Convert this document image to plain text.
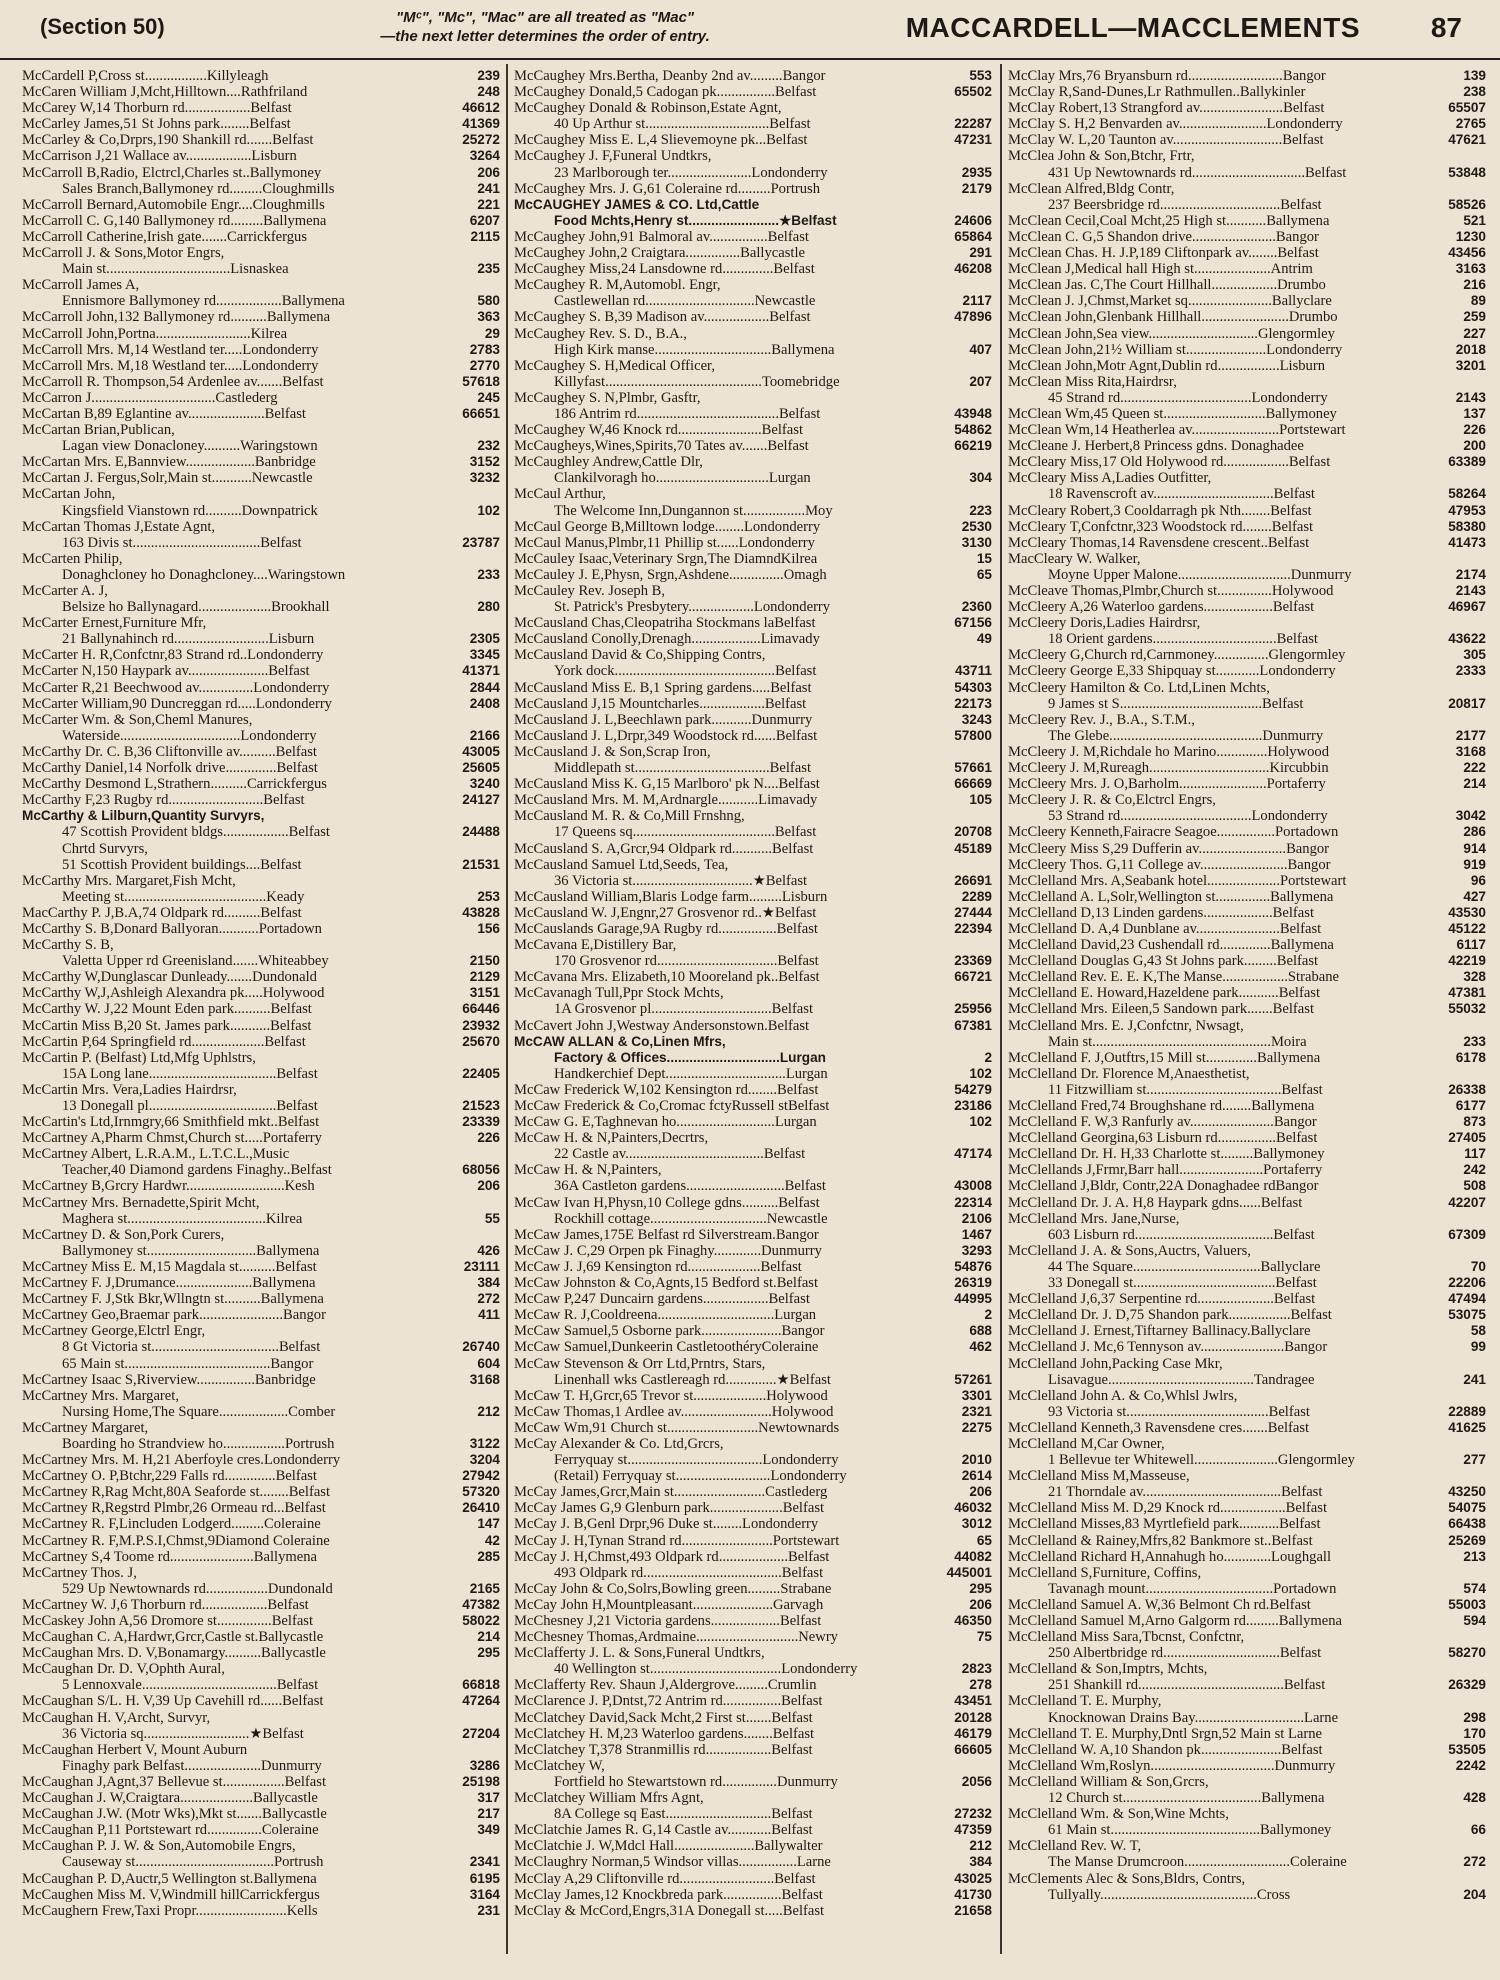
(Section 50)	"Mᶜ", "Mc", "Mac" are all treated as "Mac"
—the next letter determines the order of entry.	MACCARDELL—MACCLEMENTS	87
McCardell P,Cross st.................Killyleagh	239
McCaren William J,Mcht,Hilltown....Rathfriland	248
McCarey W,14 Thorburn rd..................Belfast	46612
McCarley James,51 St Johns park........Belfast	41369
McCarley & Co,Drprs,190 Shankill rd.......Belfast	25272
McCarrison J,21 Wallace av..................Lisburn	3264
McCarroll B,Radio, Elctrcl,Charles st..Ballymoney	206
Sales Branch,Ballymoney rd.........Cloughmills	241
McCarroll Bernard,Automobile Engr....Cloughmills	221
McCarroll C. G,140 Ballymoney rd.........Ballymena	6207
McCarroll Catherine,Irish gate.......Carrickfergus	2115
McCarroll J. & Sons,Motor Engrs,
Main st..................................Lisnaskea	235
McCarroll James A,
Ennismore Ballymoney rd..................Ballymena	580
McCarroll John,132 Ballymoney rd..........Ballymena	363
McCarroll John,Portna..........................Kilrea	29
McCarroll Mrs. M,14 Westland ter.....Londonderry	2783
McCarroll Mrs. M,18 Westland ter.....Londonderry	2770
McCarroll R. Thompson,54 Ardenlee av.......Belfast	57618
McCarron J..................................Castlederg	245
McCartan B,89 Eglantine av.....................Belfast	66651
McCartan Brian,Publican,
Lagan view Donacloney..........Waringstown	232
McCartan Mrs. E,Bannview...................Banbridge	3152
McCartan J. Fergus,Solr,Main st...........Newcastle	3232
McCartan John,
Kingsfield Vianstown rd..........Downpatrick	102
McCartan Thomas J,Estate Agnt,
163 Divis st...................................Belfast	23787
McCarten Philip,
Donaghcloney ho Donaghcloney....Waringstown	233
McCarter A. J,
Belsize ho Ballynagard....................Brookhall	280
McCarter Ernest,Furniture Mfr,
21 Ballynahinch rd..........................Lisburn	2305
McCarter H. R,Confctnr,83 Strand rd..Londonderry	3345
McCarter N,150 Haypark av......................Belfast	41371
McCarter R,21 Beechwood av...............Londonderry	2844
McCarter William,90 Duncreggan rd.....Londonderry	2408
McCarter Wm. & Son,Cheml Manures,
Waterside.................................Londonderry	2166
McCarthy Dr. C. B,36 Cliftonville av..........Belfast	43005
McCarthy Daniel,14 Norfolk drive..............Belfast	25605
McCarthy Desmond L,Strathern..........Carrickfergus	3240
McCarthy F,23 Rugby rd..........................Belfast	24127
McCarthy & Lilburn,Quantity Survyrs,
47 Scottish Provident bldgs..................Belfast	24488
Chrtd Survyrs,
51 Scottish Provident buildings....Belfast	21531
McCarthy Mrs. Margaret,Fish Mcht,
Meeting st.......................................Keady	253
MacCarthy P. J,B.A,74 Oldpark rd..........Belfast	43828
McCarthy S. B,Donard Ballyoran...........Portadown	156
McCarthy S. B,
Valetta Upper rd Greenisland.......Whiteabbey	2150
McCarthy W,Dunglascar Dunleady.......Dundonald	2129
McCarthy W,J,Ashleigh Alexandra pk.....Holywood	3151
McCarthy W. J,22 Mount Eden park..........Belfast	66446
McCartin Miss B,20 St. James park...........Belfast	23932
McCartin P,64 Springfield rd....................Belfast	25670
McCartin P. (Belfast) Ltd,Mfg Uphlstrs,
15A Long lane...................................Belfast	22405
McCartin Mrs. Vera,Ladies Hairdrsr,
13 Donegall pl...................................Belfast	21523
McCartin's Ltd,Irnmgry,66 Smithfield mkt..Belfast	23339
McCartney A,Pharm Chmst,Church st.....Portaferry	226
McCartney Albert, L.R.A.M., L.T.C.L.,Music
Teacher,40 Diamond gardens Finaghy..Belfast	68056
McCartney B,Grcry Hardwr...........................Kesh	206
McCartney Mrs. Bernadette,Spirit Mcht,
Maghera st......................................Kilrea	55
McCartney D. & Son,Pork Curers,
Ballymoney st..............................Ballymena	426
McCartney Miss E. M,15 Magdala st..........Belfast	23111
McCartney F. J,Drumance.....................Ballymena	384
McCartney F. J,Stk Bkr,Wllngtn st..........Ballymena	272
McCartney Geo,Braemar park.......................Bangor	411
McCartney George,Elctrl Engr,
8 Gt Victoria st...................................Belfast	26740
65 Main st........................................Bangor	604
McCartney Isaac S,Riverview................Banbridge	3168
McCartney Mrs. Margaret,
Nursing Home,The Square...................Comber	212
McCartney Margaret,
Boarding ho Strandview ho.................Portrush	3122
McCartney Mrs. M. H,21 Aberfoyle cres.Londonderry	3204
McCartney O. P,Btchr,229 Falls rd..............Belfast	27942
McCartney R,Rag Mcht,80A Seaforde st........Belfast	57320
McCartney R,Regstrd Plmbr,26 Ormeau rd...Belfast	26410
McCartney R. F,Lincluden Lodgerd.........Coleraine	147
McCartney R. F,M.P.S.I,Chmst,9Diamond Coleraine	42
McCartney S,4 Toome rd.......................Ballymena	285
McCartney Thos. J,
529 Up Newtownards rd.................Dundonald	2165
McCartney W. J,6 Thorburn rd..................Belfast	47382
McCaskey John A,56 Dromore st...............Belfast	58022
McCaughan C. A,Hardwr,Grcr,Castle st.Ballycastle	214
McCaughan Mrs. D. V,Bonamargy..........Ballycastle	295
McCaughan Dr. D. V,Ophth Aural,
5 Lennoxvale.....................................Belfast	66818
McCaughan S/L. H. V,39 Up Cavehill rd......Belfast	47264
McCaughan H. V,Archt, Survyr,
36 Victoria sq.............................★Belfast	27204
McCaughan Herbert V, Mount Auburn
Finaghy park Belfast.....................Dunmurry	3286
McCaughan J,Agnt,37 Bellevue st.................Belfast	25198
McCaughan J. W,Craigtara....................Ballycastle	317
McCaughan J.W. (Motr Wks),Mkt st.......Ballycastle	217
McCaughan P,11 Portstewart rd...............Coleraine	349
McCaughan P. J. W. & Son,Automobile Engrs,
Causeway st......................................Portrush	2341
McCaughan P. D,Auctr,5 Wellington st.Ballymena	6195
McCaughen Miss M. V,Windmill hillCarrickfergus	3164
McCaughern Frew,Taxi Propr.........................Kells	231
McCaughey Mrs.Bertha, Deanby 2nd av.........Bangor	553
McCaughey Donald,5 Cadogan pk................Belfast	65502
McCaughey Donald & Robinson,Estate Agnt,
40 Up Arthur st..................................Belfast	22287
McCaughey Miss E. L,4 Slievemoyne pk...Belfast	47231
McCaughey J. F,Funeral Undtkrs,
23 Marlborough ter.......................Londonderry	2935
McCaughey Mrs. J. G,61 Coleraine rd.........Portrush	2179
McCAUGHEY JAMES & CO. Ltd,Cattle
Food Mchts,Henry st........................★Belfast	24606
McCaughey John,91 Balmoral av................Belfast	65864
McCaughey John,2 Craigtara...............Ballycastle	291
McCaughey Miss,24 Lansdowne rd..............Belfast	46208
McCaughey R. M,Automobl. Engr,
Castlewellan rd..............................Newcastle	2117
McCaughey S. B,39 Madison av..................Belfast	47896
McCaughey Rev. S. D., B.A.,
High Kirk manse................................Ballymena	407
McCaughey S. H,Medical Officer,
Killyfast...........................................Toomebridge	207
McCaughey S. N,Plmbr, Gasftr,
186 Antrim rd.......................................Belfast	43948
McCaughey W,46 Knock rd.......................Belfast	54862
McCaugheys,Wines,Spirits,70 Tates av.......Belfast	66219
McCaughley Andrew,Cattle Dlr,
Clankilvoragh ho...............................Lurgan	304
McCaul Arthur,
The Welcome Inn,Dungannon st.................Moy	223
McCaul George B,Milltown lodge........Londonderry	2530
McCaul Manus,Plmbr,11 Phillip st......Londonderry	3130
McCauley Isaac,Veterinary Srgn,The DiamndKilrea	15
McCauley J. E,Physn, Srgn,Ashdene...............Omagh	65
McCauley Rev. Joseph B,
St. Patrick's Presbytery..................Londonderry	2360
McCausland Chas,Cleopatriha Stockmans laBelfast	67156
McCausland Conolly,Drenagh...................Limavady	49
McCausland David & Co,Shipping Contrs,
York dock............................................Belfast	43711
McCausland Miss E. B,1 Spring gardens.....Belfast	54303
McCausland J,15 Mountcharles..................Belfast	22173
McCausland J. L,Beechlawn park...........Dunmurry	3243
McCausland J. L,Drpr,349 Woodstock rd......Belfast	57800
McCausland J. & Son,Scrap Iron,
Middlepath st.....................................Belfast	57661
McCausland Miss K. G,15 Marlboro' pk N....Belfast	66669
McCausland Mrs. M. M,Ardnargle...........Limavady	105
McCausland M. R. & Co,Mill Frnshng,
17 Queens sq.......................................Belfast	20708
McCausland S. A,Grcr,94 Oldpark rd...........Belfast	45189
McCausland Samuel Ltd,Seeds, Tea,
36 Victoria st.................................★Belfast	26691
McCausland William,Blaris Lodge farm.........Lisburn	2289
McCausland W. J,Engnr,27 Grosvenor rd..★Belfast	27444
McCauslands Garage,9A Rugby rd................Belfast	22394
McCavana E,Distillery Bar,
170 Grosvenor rd.................................Belfast	23369
McCavana Mrs. Elizabeth,10 Mooreland pk..Belfast	66721
McCavanagh Tull,Ppr Stock Mchts,
1A Grosvenor pl.................................Belfast	25956
McCavert John J,Westway Andersonstown.Belfast	67381
McCAW ALLAN & Co,Linen Mfrs,
Factory & Offices..............................Lurgan	2
Handkerchief Dept.................................Lurgan	102
McCaw Frederick W,102 Kensington rd........Belfast	54279
McCaw Frederick & Co,Cromac fctyRussell stBelfast	23186
McCaw G. E,Taghnevan ho...........................Lurgan	102
McCaw H. & N,Painters,Decrtrs,
22 Castle av......................................Belfast	47174
McCaw H. & N,Painters,
36A Castleton gardens...........................Belfast	43008
McCaw Ivan H,Physn,10 College gdns..........Belfast	22314
Rockhill cottage................................Newcastle	2106
McCaw James,175E Belfast rd Silverstream.Bangor	1467
McCaw J. C,29 Orpen pk Finaghy.............Dunmurry	3293
McCaw J. J,69 Kensington rd....................Belfast	54876
McCaw Johnston & Co,Agnts,15 Bedford st.Belfast	26319
McCaw P,247 Duncairn gardens..................Belfast	44995
McCaw R. J,Cooldreena................................Lurgan	2
McCaw Samuel,5 Osborne park......................Bangor	688
McCaw Samuel,Dunkeerin CastletoothéryColeraine	462
McCaw Stevenson & Orr Ltd,Prntrs, Stars,
Linenhall wks Castlereagh rd..............★Belfast	57261
McCaw T. H,Grcr,65 Trevor st....................Holywood	3301
McCaw Thomas,1 Ardlee av.........................Holywood	2321
McCaw Wm,91 Church st.........................Newtownards	2275
McCay Alexander & Co. Ltd,Grcrs,
Ferryquay st.....................................Londonderry	2010
(Retail) Ferryquay st..........................Londonderry	2614
McCay James,Grcr,Main st.........................Castlederg	206
McCay James G,9 Glenburn park....................Belfast	46032
McCay J. B,Genl Drpr,96 Duke st........Londonderry	3012
McCay J. H,Tynan Strand rd.........................Portstewart	65
McCay J. H,Chmst,493 Oldpark rd...................Belfast	44082
493 Oldpark rd......................................Belfast	445001
McCay John & Co,Solrs,Bowling green.........Strabane	295
McCay John H,Mountpleasant......................Garvagh	206
McChesney J,21 Victoria gardens...................Belfast	46350
McChesney Thomas,Ardmaine............................Newry	75
McClafferty J. L. & Sons,Funeral Undtkrs,
40 Wellington st....................................Londonderry	2823
McClafferty Rev. Shaun J,Aldergrove.........Crumlin	278
McClarence J. P,Dntst,72 Antrim rd................Belfast	43451
McClatchey David,Sack Mcht,2 First st.......Belfast	20128
McClatchey H. M,23 Waterloo gardens........Belfast	46179
McClatchey T,378 Stranmillis rd..................Belfast	66605
McClatchey W,
Fortfield ho Stewartstown rd...............Dunmurry	2056
McClatchey William Mfrs Agnt,
8A College sq East.............................Belfast	27232
McClatchie James R. G,14 Castle av............Belfast	47359
McClatchie J. W,Mdcl Hall......................Ballywalter	212
McClaughry Norman,5 Windsor villas................Larne	384
McClay A,29 Cliftonville rd..........................Belfast	43025
McClay James,12 Knockbreda park................Belfast	41730
McClay & McCord,Engrs,31A Donegall st.....Belfast	21658
McClay Mrs,76 Bryansburn rd..........................Bangor	139
McClay R,Sand-Dunes,Lr Rathmullen..Ballykinler	238
McClay Robert,13 Strangford av.......................Belfast	65507
McClay S. H,2 Benvarden av........................Londonderry	2765
McClay W. L,20 Taunton av..............................Belfast	47621
McClea John & Son,Btchr, Frtr,
431 Up Newtownards rd...............................Belfast	53848
McClean Alfred,Bldg Contr,
237 Beersbridge rd.................................Belfast	58526
McClean Cecil,Coal Mcht,25 High st...........Ballymena	521
McClean C. G,5 Shandon drive.......................Bangor	1230
McClean Chas. H. J.P,189 Cliftonpark av........Belfast	43456
McClean J,Medical hall High st.....................Antrim	3163
McClean Jas. C,The Court Hillhall..................Drumbo	216
McClean J. J,Chmst,Market sq.......................Ballyclare	89
McClean John,Glenbank Hillhall........................Drumbo	259
McClean John,Sea view..............................Glengormley	227
McClean John,21½ William st......................Londonderry	2018
McClean John,Motr Agnt,Dublin rd.................Lisburn	3201
McClean Miss Rita,Hairdrsr,
45 Strand rd....................................Londonderry	2143
McClean Wm,45 Queen st............................Ballymoney	137
McClean Wm,14 Heatherlea av........................Portstewart	226
McCleane J. Herbert,8 Princess gdns. Donaghadee	200
McCleary Miss,17 Old Holywood rd..................Belfast	63389
McCleary Miss A,Ladies Outfitter,
18 Ravenscroft av.................................Belfast	58264
McCleary Robert,3 Cooldarragh pk Nth........Belfast	47953
McCleary T,Confctnr,323 Woodstock rd........Belfast	58380
McCleary Thomas,14 Ravensdene crescent..Belfast	41473
MacCleary W. Walker,
Moyne Upper Malone...............................Dunmurry	2174
McCleave Thomas,Plmbr,Church st...............Holywood	2143
McCleery A,26 Waterloo gardens...................Belfast	46967
McCleery Doris,Ladies Hairdrsr,
18 Orient gardens..................................Belfast	43622
McCleery G,Church rd,Carnmoney...............Glengormley	305
McCleery George E,33 Shipquay st............Londonderry	2333
McCleery Hamilton & Co. Ltd,Linen Mchts,
9 James st S.......................................Belfast	20817
McCleery Rev. J., B.A., S.T.M.,
The Glebe..........................................Dunmurry	2177
McCleery J. M,Richdale ho Marino..............Holywood	3168
McCleery J. M,Rureagh.................................Kircubbin	222
McCleery Mrs. J. O,Barholm........................Portaferry	214
McCleery J. R. & Co,Elctrcl Engrs,
53 Strand rd....................................Londonderry	3042
McCleery Kenneth,Fairacre Seagoe................Portadown	286
McCleery Miss S,29 Dufferin av........................Bangor	914
McCleery Thos. G,11 College av........................Bangor	919
McClelland Mrs. A,Seabank hotel....................Portstewart	96
McClelland A. L,Solr,Wellington st...............Ballymena	427
McClelland D,13 Linden gardens...................Belfast	43530
McClelland D. A,4 Dunblane av.......................Belfast	45122
McClelland David,23 Cushendall rd..............Ballymena	6117
McClelland Douglas G,43 St Johns park.........Belfast	42219
McClelland Rev. E. E. K,The Manse..................Strabane	328
McClelland E. Howard,Hazeldene park...........Belfast	47381
McClelland Mrs. Eileen,5 Sandown park.......Belfast	55032
McClelland Mrs. E. J,Confctnr, Nwsagt,
Main st.................................................Moira	233
McClelland F. J,Outftrs,15 Mill st..............Ballymena	6178
McClelland Dr. Florence M,Anaesthetist,
11 Fitzwilliam st.....................................Belfast	26338
McClelland Fred,74 Broughshane rd........Ballymena	6177
McClelland F. W,3 Ranfurly av.......................Bangor	873
McClelland Georgina,63 Lisburn rd................Belfast	27405
McClelland Dr. H. H,33 Charlotte st.........Ballymoney	117
McClellands J,Frmr,Barr hall.......................Portaferry	242
McClelland J,Bldr, Contr,22A Donaghadee rdBangor	508
McClelland Dr. J. A. H,8 Haypark gdns......Belfast	42207
McClelland Mrs. Jane,Nurse,
603 Lisburn rd......................................Belfast	67309
McClelland J. A. & Sons,Auctrs, Valuers,
44 The Square...................................Ballyclare	70
33 Donegall st.......................................Belfast	22206
McClelland J,6,37 Serpentine rd.....................Belfast	47494
McClelland Dr. J. D,75 Shandon park.................Belfast	53075
McClelland J. Ernest,Tiftarney Ballinacy.Ballyclare	58
McClelland J. Mc,6 Tennyson av.......................Bangor	99
McClelland John,Packing Case Mkr,
Lisavague........................................Tandragee	241
McClelland John A. & Co,Whlsl Jwlrs,
93 Victoria st.......................................Belfast	22889
McClelland Kenneth,3 Ravensdene cres.......Belfast	41625
McClelland M,Car Owner,
1 Bellevue ter Whitewell.......................Glengormley	277
McClelland Miss M,Masseuse,
21 Thorndale av......................................Belfast	43250
McClelland Miss M. D,29 Knock rd..................Belfast	54075
McClelland Misses,83 Myrtlefield park...........Belfast	66438
McClelland & Rainey,Mfrs,82 Bankmore st..Belfast	25269
McClelland Richard H,Annahugh ho.............Loughgall	213
McClelland S,Furniture, Coffins,
Tavanagh mount...................................Portadown	574
McClelland Samuel A. W,36 Belmont Ch rd.Belfast	55003
McClelland Samuel M,Arno Galgorm rd.........Ballymena	594
McClelland Miss Sara,Tbcnst, Confctnr,
250 Albertbridge rd................................Belfast	58270
McClelland & Son,Imptrs, Mchts,
251 Shankill rd........................................Belfast	26329
McClelland T. E. Murphy,
Knocknowan Drains Bay..............................Larne	298
McClelland T. E. Murphy,Dntl Srgn,52 Main st Larne	170
McClelland W. A,10 Shandon pk......................Belfast	53505
McClelland Wm,Roslyn..................................Dunmurry	2242
McClelland William & Son,Grcrs,
12 Church st......................................Ballymena	428
McClelland Wm. & Son,Wine Mchts,
61 Main st.........................................Ballymoney	66
McClelland Rev. W. T,
The Manse Drumcroon.............................Coleraine	272
McClements Alec & Sons,Bldrs, Contrs,
Tullyally...........................................Cross	204
